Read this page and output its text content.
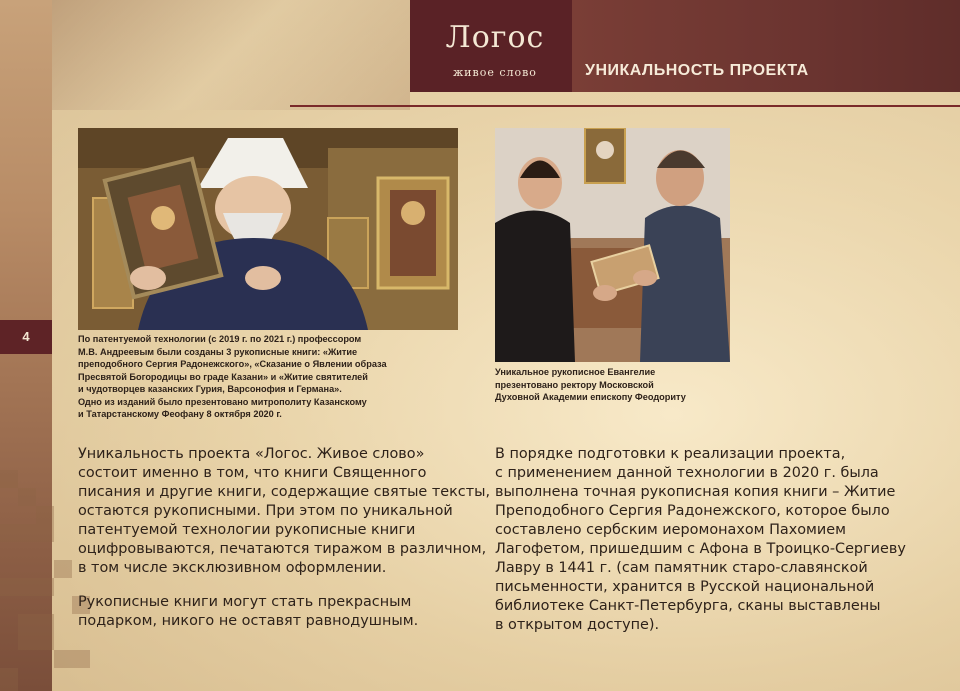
4
Логос
живое слово	УНИКАЛЬНОСТЬ ПРОЕКТА
По патентуемой технологии (с 2019 г. по 2021 г.) профессором
М.В. Андреевым были созданы 3 рукописные книги: «Житие
преподобного Сергия Радонежского», «Сказание о Явлении образа
Пресвятой Богородицы во граде Казани» и «Житие святителей
и чудотворцев казанских Гурия, Варсонофия и Германа».
Одно из изданий было презентовано митрополиту Казанскому
и Татарстанскому Феофану 8 октября 2020 г.
Уникальное рукописное Евангелие
презентовано ректору Московской
Духовной Академии епископу Феодориту
Уникальность проекта «Логос. Живое слово»
состоит именно в том, что книги Священного
писания и другие книги, содержащие святые тексты,
остаются рукописными. При этом по уникальной
патентуемой технологии рукописные книги
оцифровываются, печатаются тиражом в различном,
в том числе эксклюзивном оформлении.
Рукописные книги могут стать прекрасным
подарком, никого не оставят равнодушным.
В порядке подготовки к реализации проекта,
с применением данной технологии в 2020 г. была
выполнена точная рукописная копия книги – Житие
Преподобного Сергия Радонежского, которое было
составлено сербским иеромонахом Пахомием
Лагофетом, пришедшим с Афона в Троицко-Сергиеву
Лавру в 1441 г. (сам памятник старо-славянской
письменности, хранится в Русской национальной
библиотеке Санкт-Петербурга, сканы выставлены
в открытом доступе).
